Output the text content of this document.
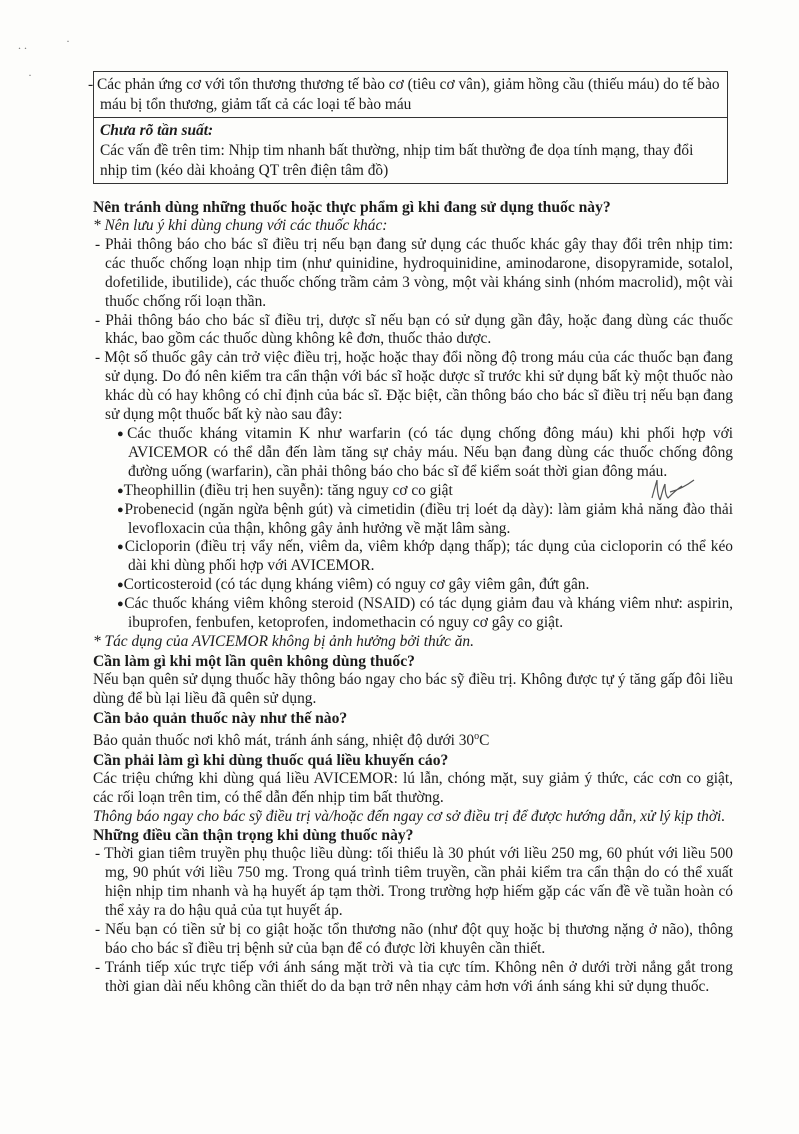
. .	·
·
- Các phản ứng cơ với tổn thương thương tế bào cơ (tiêu cơ vân), giảm hồng cầu (thiếu máu) do tế bào máu bị tổn thương, giảm tất cả các loại tế bào máu
Chưa rõ tần suất:
Các vấn đề trên tim: Nhịp tim nhanh bất thường, nhịp tim bất thường đe dọa tính mạng, thay đổi nhịp tim (kéo dài khoảng QT trên điện tâm đồ)
Nên tránh dùng những thuốc hoặc thực phẩm gì khi đang sử dụng thuốc này?

* Nên lưu ý khi dùng chung với các thuốc khác:

- Phải thông báo cho bác sĩ điều trị nếu bạn đang sử dụng các thuốc khác gây thay đổi trên nhịp tim: các thuốc chống loạn nhịp tim (như quinidine, hydroquinidine, aminodarone, disopyramide, sotalol, dofetilide, ibutilide), các thuốc chống trầm cảm 3 vòng, một vài kháng sinh (nhóm macrolid), một vài thuốc chống rối loạn thần.

- Phải thông báo cho bác sĩ điều trị, dược sĩ nếu bạn có sử dụng gần đây, hoặc đang dùng các thuốc khác, bao gồm các thuốc dùng không kê đơn, thuốc thảo dược.

- Một số thuốc gây cản trở việc điều trị, hoặc hoặc thay đổi nồng độ trong máu của các thuốc bạn đang sử dụng. Do đó nên kiểm tra cẩn thận với bác sĩ hoặc dược sĩ trước khi sử dụng bất kỳ một thuốc nào khác dù có hay không có chỉ định của bác sĩ. Đặc biệt, cần thông báo cho bác sĩ điều trị nếu bạn đang sử dụng một thuốc bất kỳ nào sau đây:

●Các thuốc kháng vitamin K như warfarin (có tác dụng chống đông máu) khi phối hợp với AVICEMOR có thể dẫn đến làm tăng sự chảy máu. Nếu bạn đang dùng các thuốc chống đông đường uống (warfarin), cần phải thông báo cho bác sĩ để kiểm soát thời gian đông máu.

●Theophillin (điều trị hen suyễn): tăng nguy cơ co giật

●Probenecid (ngăn ngừa bệnh gút) và cimetidin (điều trị loét dạ dày): làm giảm khả năng đào thải levofloxacin của thận, không gây ảnh hưởng về mặt lâm sàng.

●Cicloporin (điều trị vẩy nến, viêm da, viêm khớp dạng thấp); tác dụng của cicloporin có thể kéo dài khi dùng phối hợp với AVICEMOR.

●Corticosteroid (có tác dụng kháng viêm) có nguy cơ gây viêm gân, đứt gân.

●Các thuốc kháng viêm không steroid (NSAID) có tác dụng giảm đau và kháng viêm như: aspirin, ibuprofen, fenbufen, ketoprofen, indomethacin có nguy cơ gây co giật.

* Tác dụng của AVICEMOR không bị ảnh hưởng bởi thức ăn.

Cần làm gì khi một lần quên không dùng thuốc?

Nếu bạn quên sử dụng thuốc hãy thông báo ngay cho bác sỹ điều trị. Không được tự ý tăng gấp đôi liều dùng để bù lại liều đã quên sử dụng.

Cần bảo quản thuốc này như thế nào?

Bảo quản thuốc nơi khô mát, tránh ánh sáng, nhiệt độ dưới 30$^o$C

Cần phải làm gì khi dùng thuốc quá liều khuyến cáo?

Các triệu chứng khi dùng quá liều AVICEMOR: lú lẫn, chóng mặt, suy giảm ý thức, các cơn co giật, các rối loạn trên tim, có thể dẫn đến nhịp tim bất thường.

Thông báo ngay cho bác sỹ điều trị và/hoặc đến ngay cơ sở điều trị để được hướng dẫn, xử lý kịp thời.

Những điều cần thận trọng khi dùng thuốc này?

- Thời gian tiêm truyền phụ thuộc liều dùng: tối thiểu là 30 phút với liều 250 mg, 60 phút với liều 500 mg, 90 phút với liều 750 mg. Trong quá trình tiêm truyền, cần phải kiểm tra cẩn thận do có thể xuất hiện nhịp tim nhanh và hạ huyết áp tạm thời. Trong trường hợp hiếm gặp các vấn đề về tuần hoàn có thể xảy ra do hậu quả của tụt huyết áp.

- Nếu bạn có tiền sử bị co giật hoặc tổn thương não (như đột quỵ hoặc bị thương nặng ở não), thông báo cho bác sĩ điều trị bệnh sử của bạn để có được lời khuyên cần thiết.

- Tránh tiếp xúc trực tiếp với ánh sáng mặt trời và tia cực tím. Không nên ở dưới trời nắng gắt trong thời gian dài nếu không cần thiết do da bạn trở nên nhạy cảm hơn với ánh sáng khi sử dụng thuốc.
